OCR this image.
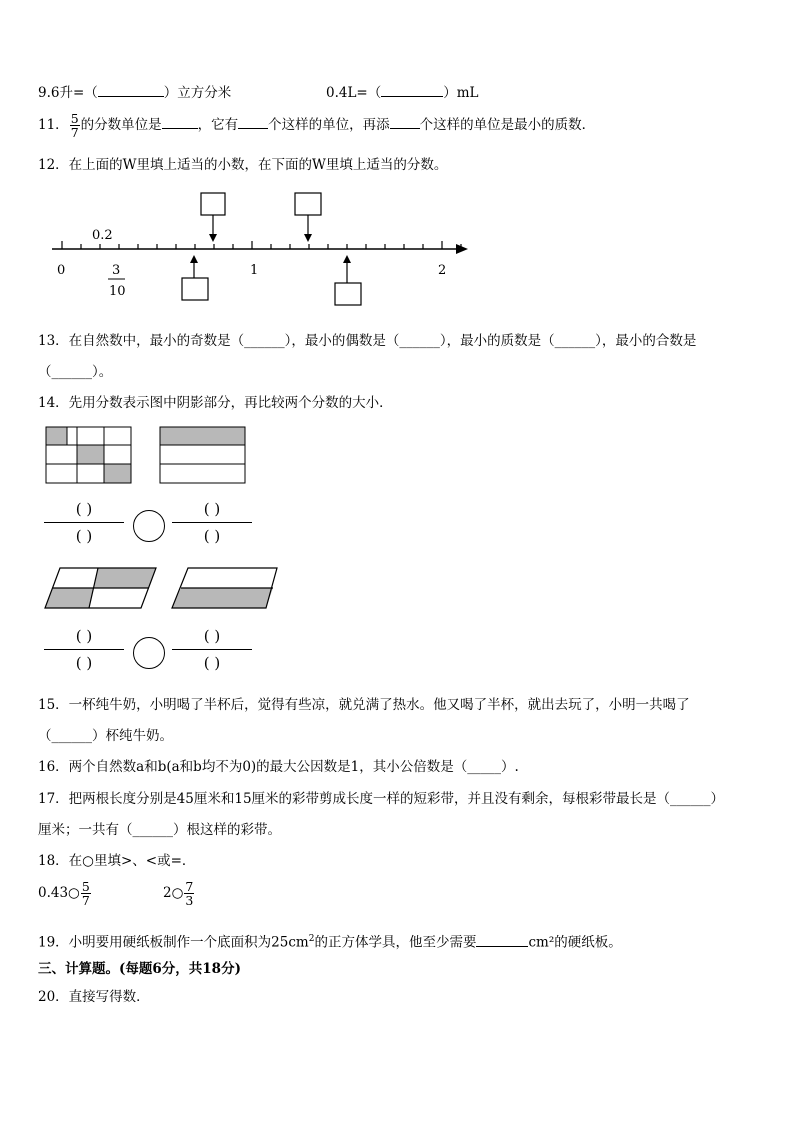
9.6升=（	）立方分米	0.4L=（	）mL
11． $\frac{5}{7}$ 的分数单位是	，它有 个这样的单位，再添 个这样的单位是最小的质数．
12．在上面的W里填上适当的小数，在下面的W里填上适当的分数。
0
0.2
1	2
3
10
13．在自然数中，最小的奇数是（______），最小的偶数是（______），最小的质数是（______），最小的合数是
（______）。
14．先用分数表示图中阴影部分，再比较两个分数的大小．
( )
( )
( )
( )
( )
( )
( )
( )
15．一杯纯牛奶，小明喝了半杯后，觉得有些凉，就兑满了热水。他又喝了半杯，就出去玩了，小明一共喝了
（______）杯纯牛奶。
16．两个自然数a和b(a和b均不为0)的最大公因数是1，其小公倍数是（_____）.
17．把两根长度分别是45厘米和15厘米的彩带剪成长度一样的短彩带，并且没有剩余，每根彩带最长是（______）
厘米；一共有（______）根这样的彩带。
18．在○里填>、<或=．
0.43○ $\frac{5}{7}$	2○ $\frac{7}{3}$
19．小明要用硬纸板制作一个底面积为$25cm^2$的正方体学具，他至少需要	cm²的硬纸板。
三、计算题。(每题6分，共18分)
20．直接写得数．
